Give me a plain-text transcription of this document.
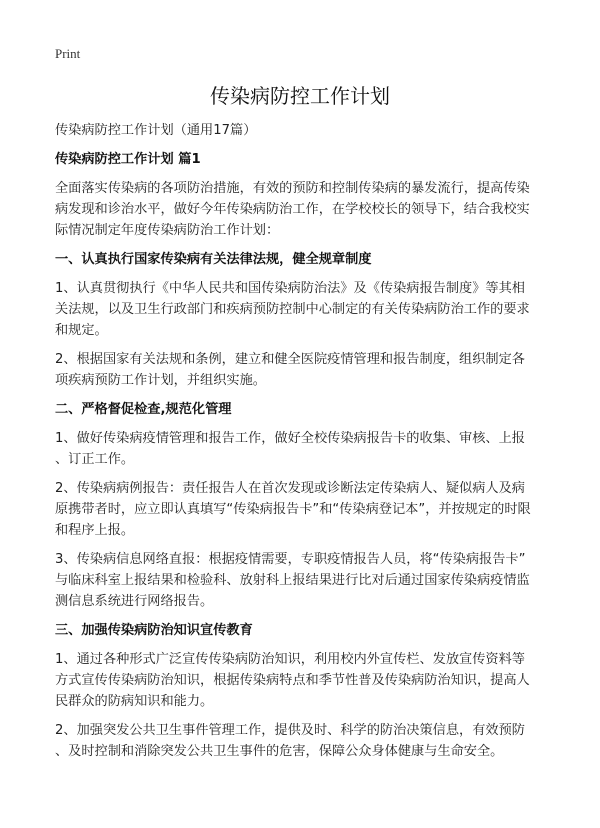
Print
传染病防控工作计划
传染病防控工作计划（通用17篇）
传染病防控工作计划 篇1
全面落实传染病的各项防治措施，有效的预防和控制传染病的暴发流行，提高传染
病发现和诊治水平，做好今年传染病防治工作，在学校校长的领导下，结合我校实
际情况制定年度传染病防治工作计划：
一、认真执行国家传染病有关法律法规，健全规章制度
1、认真贯彻执行《中华人民共和国传染病防治法》及《传染病报告制度》等其相
关法规，以及卫生行政部门和疾病预防控制中心制定的有关传染病防治工作的要求
和规定。
2、根据国家有关法规和条例，建立和健全医院疫情管理和报告制度，组织制定各
项疾病预防工作计划，并组织实施。
二、严格督促检查,规范化管理
1、做好传染病疫情管理和报告工作，做好全校传染病报告卡的收集、审核、上报
、订正工作。
2、传染病病例报告：责任报告人在首次发现或诊断法定传染病人、疑似病人及病
原携带者时，应立即认真填写“传染病报告卡”和“传染病登记本”，并按规定的时限
和程序上报。
3、传染病信息网络直报：根据疫情需要，专职疫情报告人员，将“传染病报告卡”
与临床科室上报结果和检验科、放射科上报结果进行比对后通过国家传染病疫情监
测信息系统进行网络报告。
三、加强传染病防治知识宣传教育
1、通过各种形式广泛宣传传染病防治知识，利用校内外宣传栏、发放宣传资料等
方式宣传传染病防治知识，根据传染病特点和季节性普及传染病防治知识，提高人
民群众的防病知识和能力。
2、加强突发公共卫生事件管理工作，提供及时、科学的防治决策信息，有效预防
、及时控制和消除突发公共卫生事件的危害，保障公众身体健康与生命安全。
